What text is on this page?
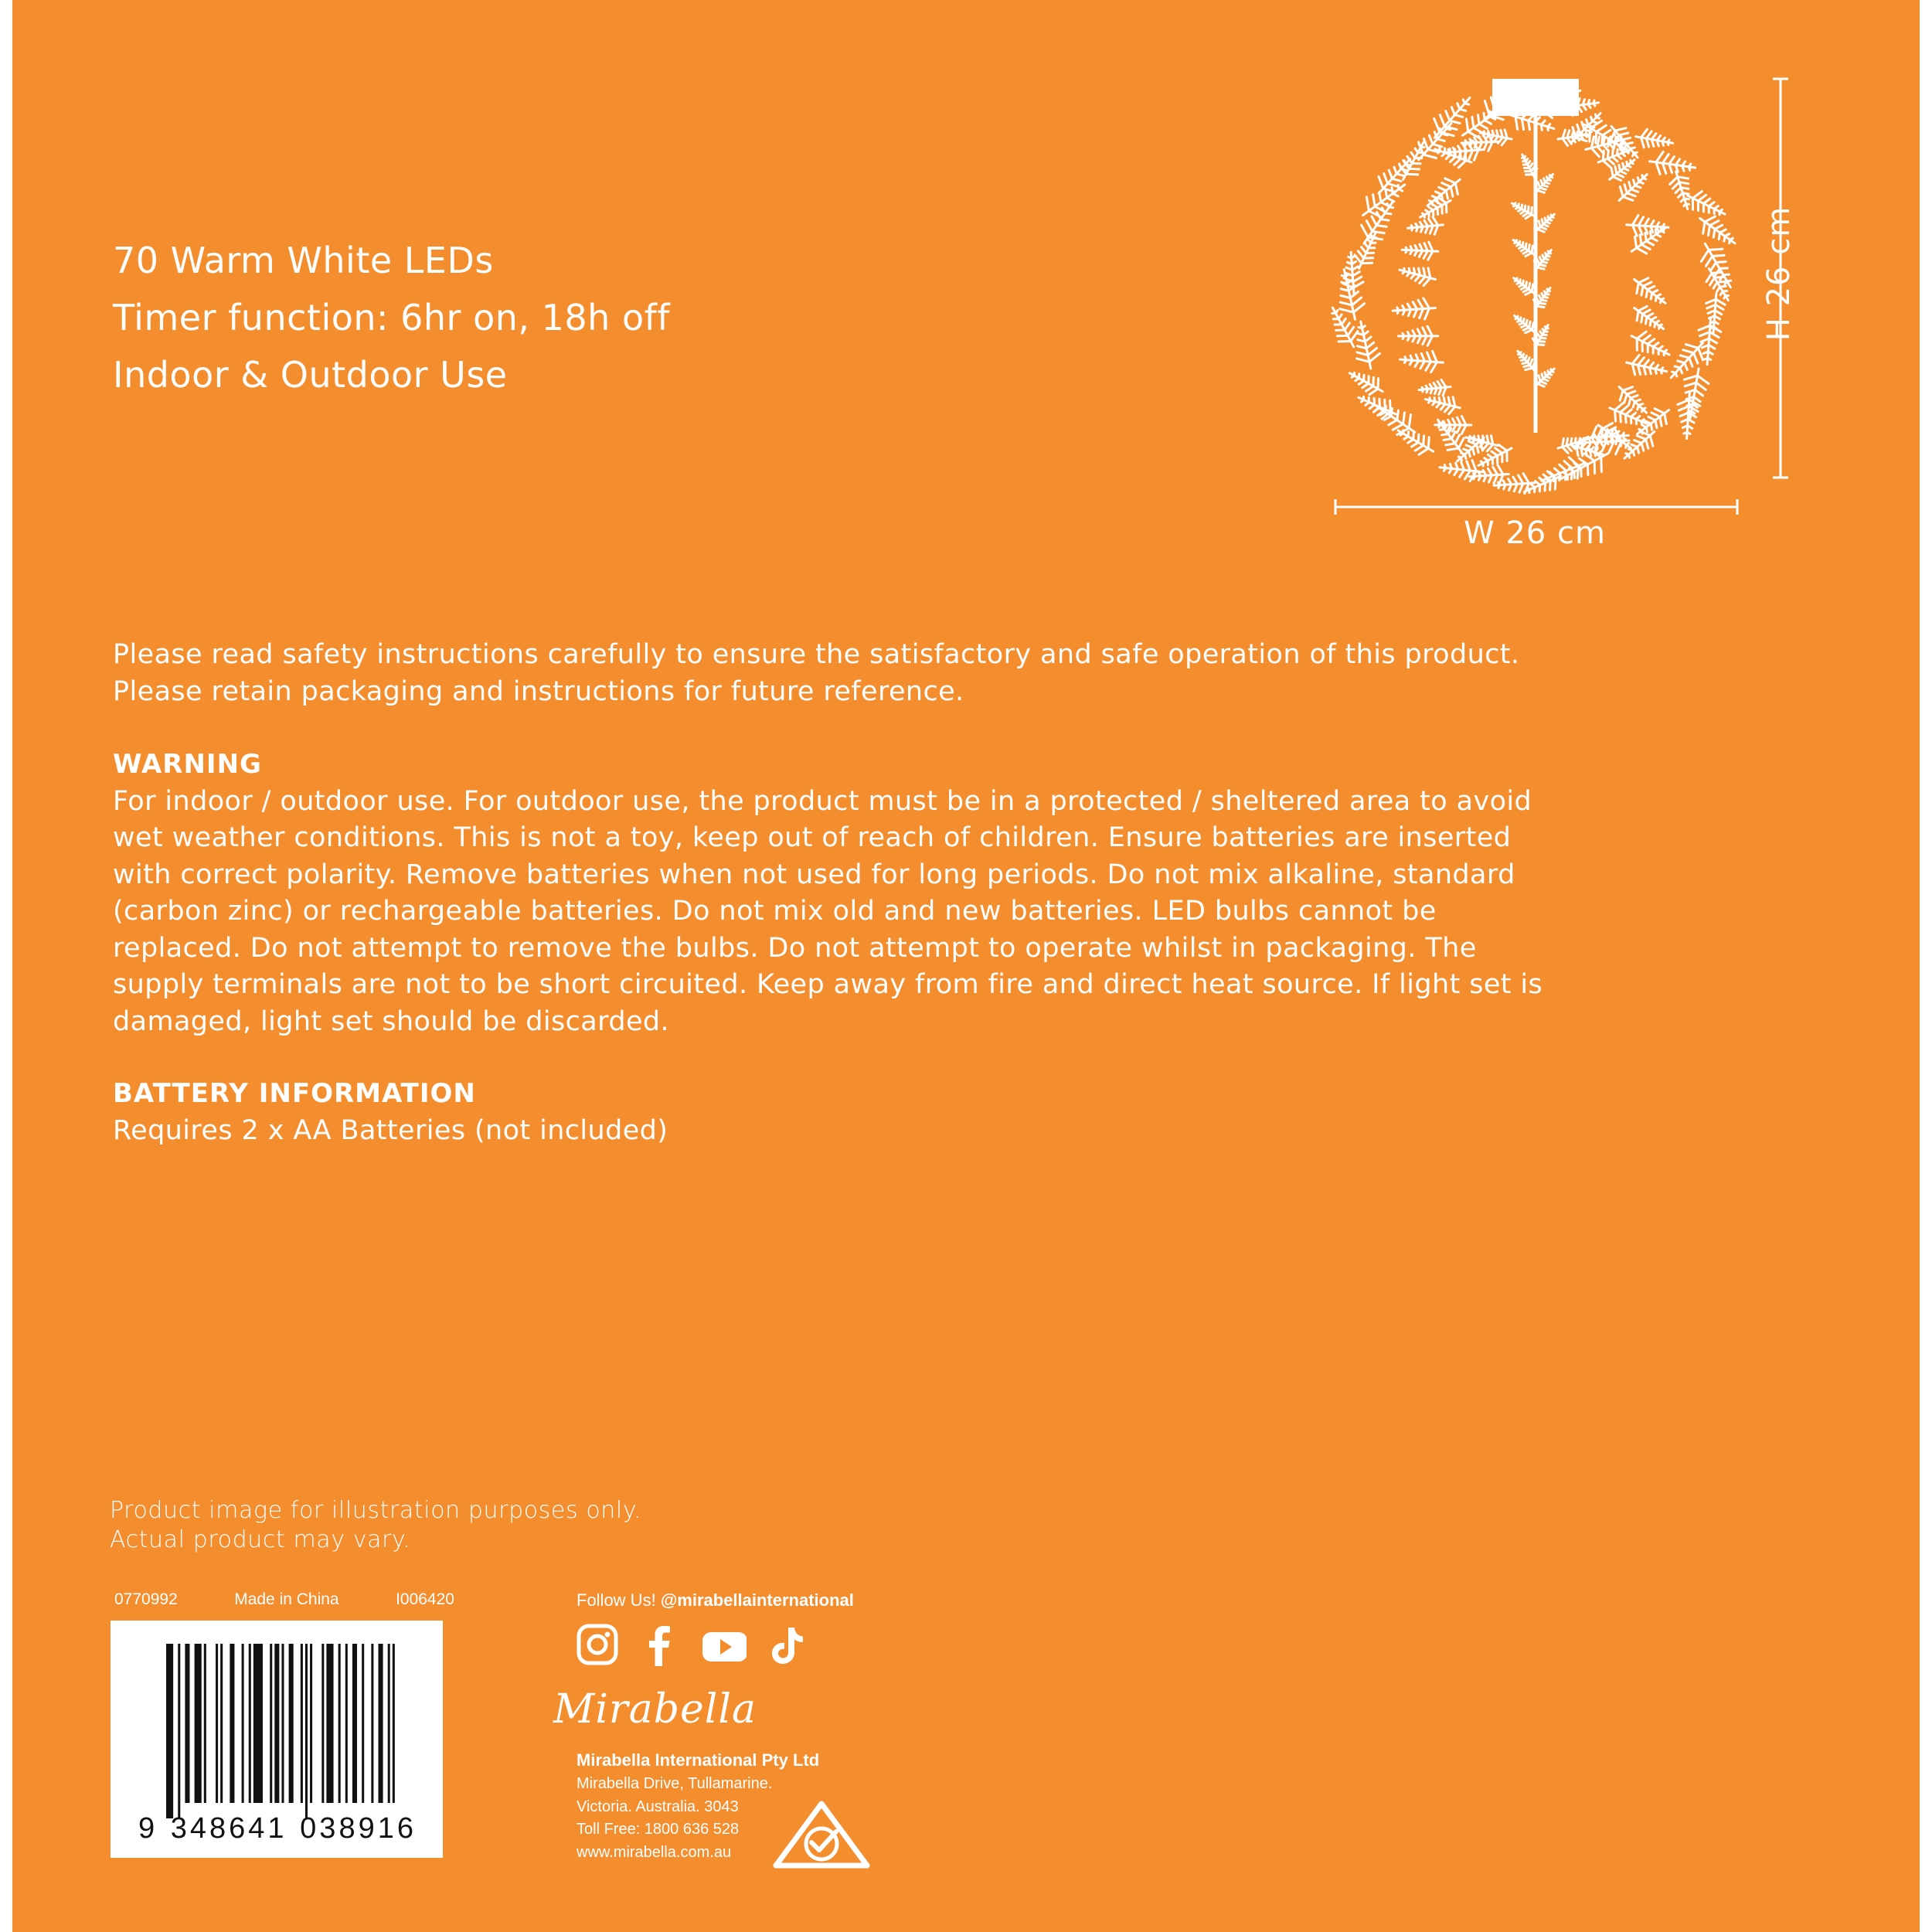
70 Warm White LEDs
Timer function: 6hr on, 18h off
Indoor & Outdoor Use
H 26 cm
W 26 cm

Please read safety instructions carefully to ensure the satisfactory and safe operation of this product.

Please retain packaging and instructions for future reference.

WARNING

For indoor / outdoor use. For outdoor use, the product must be in a protected / sheltered area to avoid wet weather conditions. This is not a toy, keep out of reach of children. Ensure batteries are inserted with correct polarity. Remove batteries when not used for long periods. Do not mix alkaline, standard (carbon zinc) or rechargeable batteries. Do not mix old and new batteries. LED bulbs cannot be replaced. Do not attempt to remove the bulbs. Do not attempt to operate whilst in packaging. The supply terminals are not to be short circuited. Keep away from fire and direct heat source. If light set is damaged, light set should be discarded.

BATTERY INFORMATION

Requires 2 x AA Batteries (not included)

Product image for illustration purposes only.

Actual product may vary.

0770992	Made in China	I006420
9 348641 038916
Follow Us! @mirabellainternational
Mirabella
Mirabella International Pty Ltd
Mirabella Drive, Tullamarine.
Victoria. Australia. 3043
Toll Free: 1800 636 528
www.mirabella.com.au
